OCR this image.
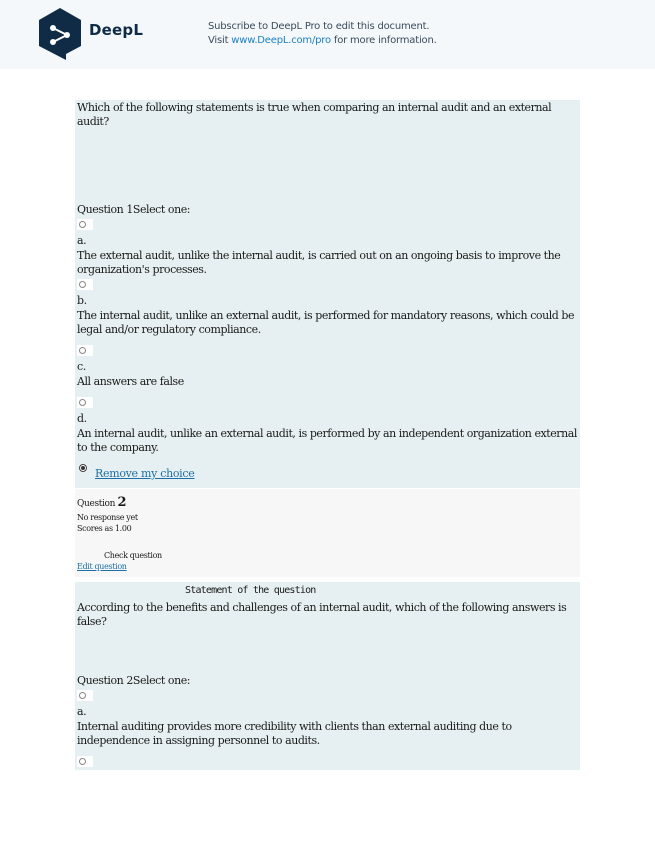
DeepL	Subscribe to DeepL Pro to edit this document.
Visit www.DeepL.com/pro for more information.
Which of the following statements is true when comparing an internal audit and an external audit?
Question 1Select one:
a.
The external audit, unlike the internal audit, is carried out on an ongoing basis to improve the organization's processes.
b.
The internal audit, unlike an external audit, is performed for mandatory reasons, which could be legal and/or regulatory compliance.
c.
All answers are false
d.
An internal audit, unlike an external audit, is performed by an independent organization external to the company.
Remove my choice
Question 2
No response yet
Scores as 1.00
Check question
Edit question
Statement of the question
According to the benefits and challenges of an internal audit, which of the following answers is false?
Question 2Select one:
a.
Internal auditing provides more credibility with clients than external auditing due to independence in assigning personnel to audits.
